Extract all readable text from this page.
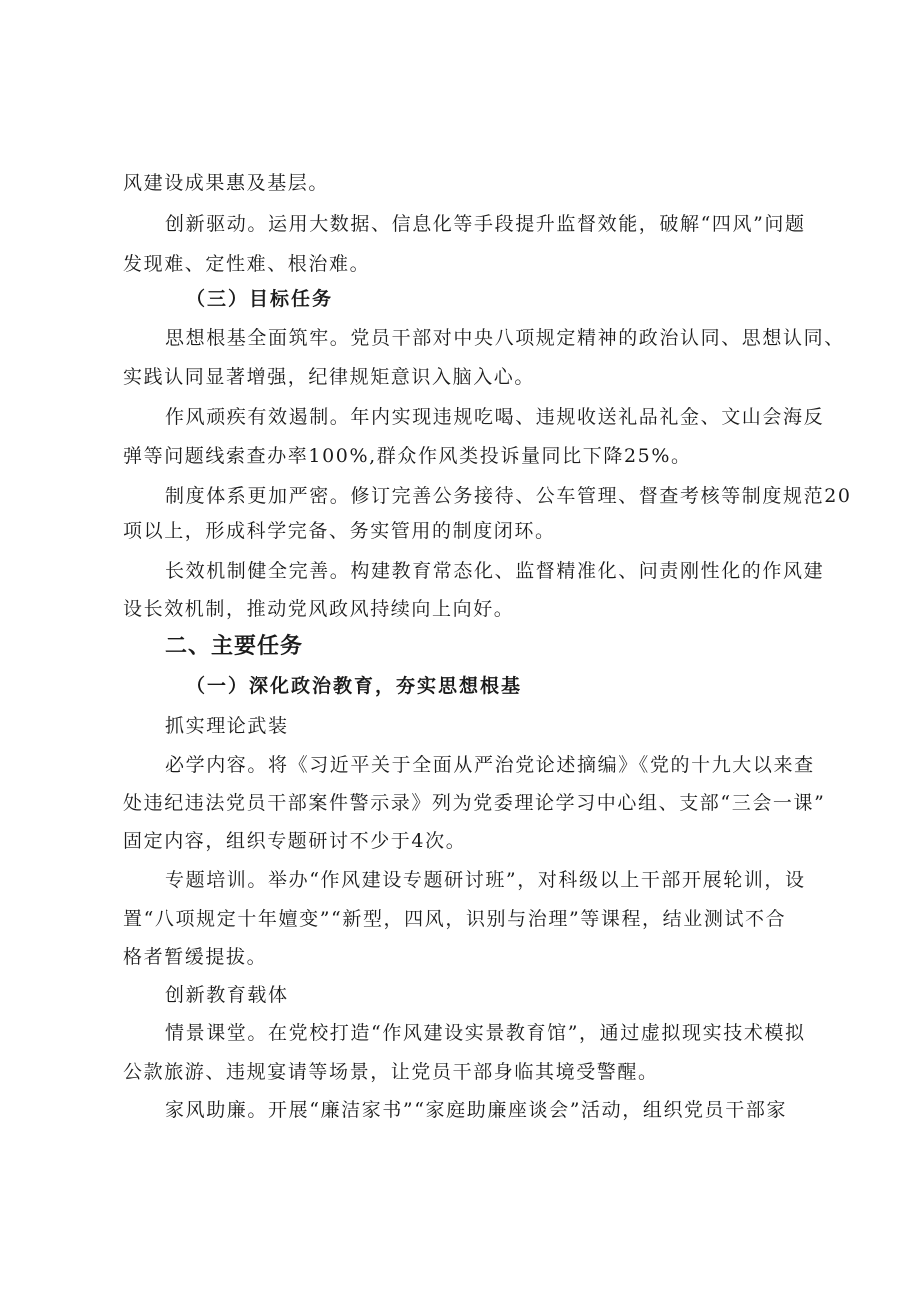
风建设成果惠及基层。
创新驱动。运用大数据、信息化等手段提升监督效能，破解“四风”问题
发现难、定性难、根治难。
（三）目标任务
思想根基全面筑牢。党员干部对中央八项规定精神的政治认同、思想认同、
实践认同显著增强，纪律规矩意识入脑入心。
作风顽疾有效遏制。年内实现违规吃喝、违规收送礼品礼金、文山会海反
弹等问题线索查办率100%,群众作风类投诉量同比下降25%。
制度体系更加严密。修订完善公务接待、公车管理、督查考核等制度规范20
项以上，形成科学完备、务实管用的制度闭环。
长效机制健全完善。构建教育常态化、监督精准化、问责刚性化的作风建
设长效机制，推动党风政风持续向上向好。
二、主要任务
（一）深化政治教育，夯实思想根基
抓实理论武装
必学内容。将《习近平关于全面从严治党论述摘编》《党的十九大以来查
处违纪违法党员干部案件警示录》列为党委理论学习中心组、支部“三会一课”
固定内容，组织专题研讨不少于4次。
专题培训。举办“作风建设专题研讨班”，对科级以上干部开展轮训，设
置“八项规定十年嬗变”“新型，四风，识别与治理”等课程，结业测试不合
格者暂缓提拔。
创新教育载体
情景课堂。在党校打造“作风建设实景教育馆”，通过虚拟现实技术模拟
公款旅游、违规宴请等场景，让党员干部身临其境受警醒。
家风助廉。开展“廉洁家书”“家庭助廉座谈会”活动，组织党员干部家
